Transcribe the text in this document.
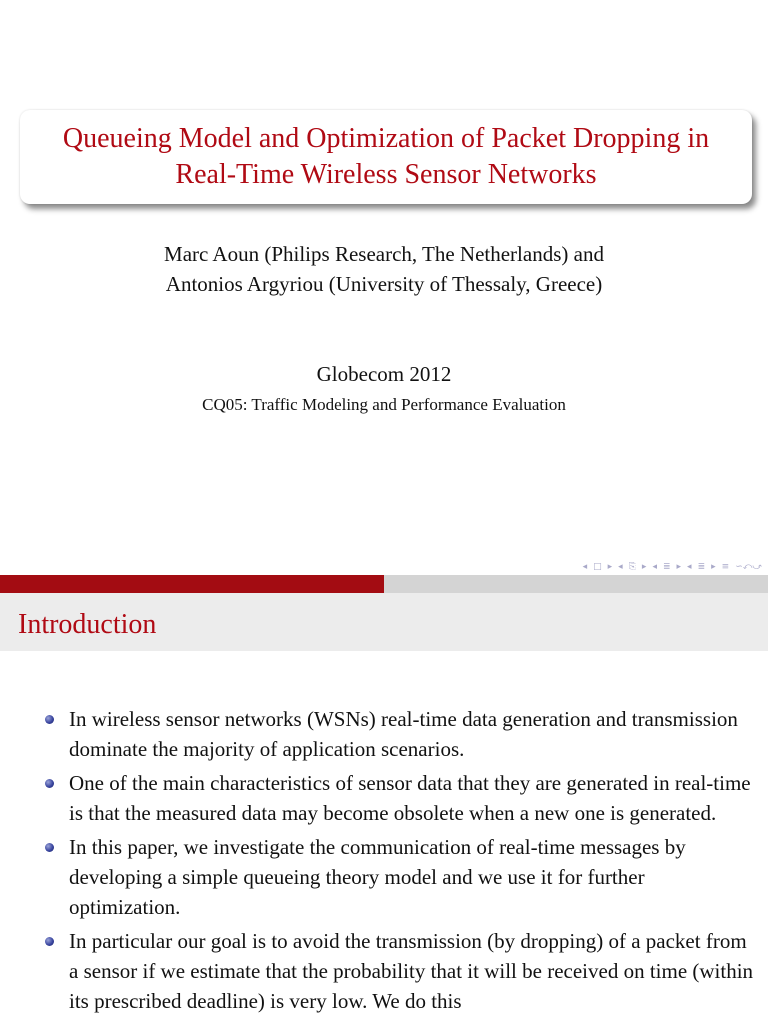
Queueing Model and Optimization of Packet Dropping in
Real-Time Wireless Sensor Networks
Marc Aoun (Philips Research, The Netherlands) and
Antonios Argyriou (University of Thessaly, Greece)
Globecom 2012
CQ05: Traffic Modeling and Performance Evaluation
◂ □ ▸ ◂ ⎘ ▸ ◂ ≣ ▸ ◂ ≣ ▸ ≡ ∽⤺⤻
Introduction
In wireless sensor networks (WSNs) real-time data generation and transmission dominate the majority of application scenarios.
One of the main characteristics of sensor data that they are generated in real-time is that the measured data may become obsolete when a new one is generated.
In this paper, we investigate the communication of real-time messages by developing a simple queueing theory model and we use it for further optimization.
In particular our goal is to avoid the transmission (by dropping) of a packet from a sensor if we estimate that the probability that it will be received on time (within its prescribed deadline) is very low. We do this
